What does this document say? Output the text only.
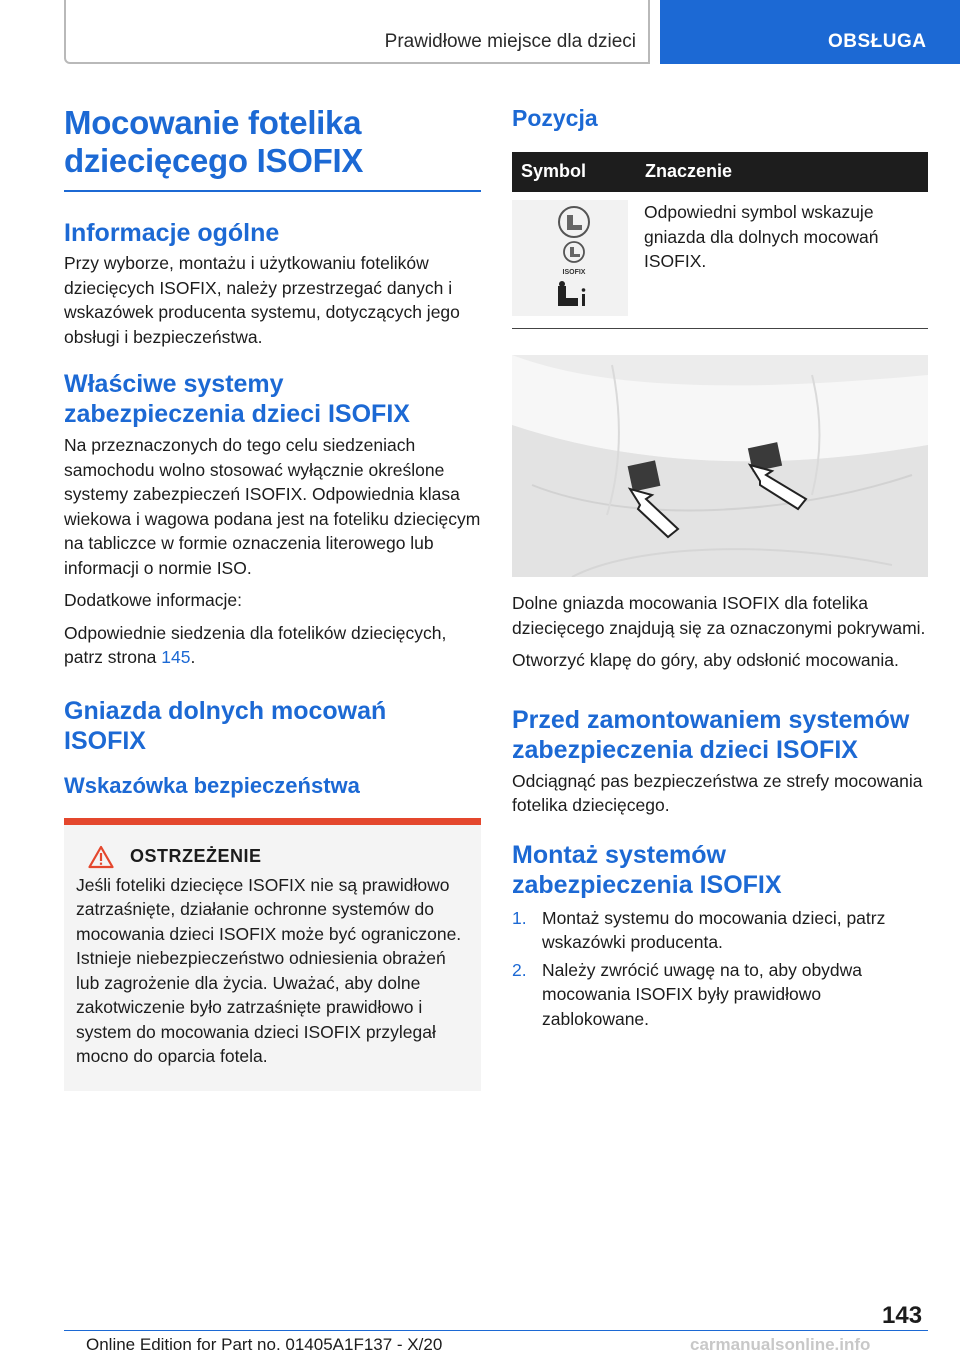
Prawidłowe miejsce dla dzieci	OBSŁUGA
Mocowanie fotelika dziecięcego ISOFIX
Informacje ogólne

Przy wyborze, montażu i użytkowaniu fotelików dziecięcych ISOFIX, należy przestrzegać danych i wskazówek producenta systemu, dotyczących jego obsługi i bezpieczeństwa.

Właściwe systemy zabezpieczenia dzieci ISOFIX

Na przeznaczonych do tego celu siedzeniach samochodu wolno stosować wyłącznie określone systemy zabezpieczeń ISOFIX. Odpowiednia klasa wiekowa i wagowa podana jest na foteliku dziecięcym na tabliczce w formie oznaczenia literowego lub informacji o normie ISO.

Dodatkowe informacje:

Odpowiednie siedzenia dla fotelików dziecięcych, patrz strona 145.

Gniazda dolnych mocowań ISOFIX
Wskazówka bezpieczeństwa
OSTRZEŻENIE

Jeśli foteliki dziecięce ISOFIX nie są prawidłowo zatrzaśnięte, działanie ochronne systemów do mocowania dzieci ISOFIX może być ograniczone. Istnieje niebezpieczeństwo odniesienia obrażeń lub zagrożenie dla życia. Uważać, aby dolne zakotwiczenie było zatrzaśnięte prawidłowo i system do mocowania dzieci ISOFIX przylegał mocno do oparcia fotela.

Pozycja
Symbol	Znaczenie
ISOFIX
Odpowiedni symbol wskazuje gniazda dla dolnych mocowań ISOFIX.

Dolne gniazda mocowania ISOFIX dla fotelika dziecięcego znajdują się za oznaczonymi pokrywami.

Otworzyć klapę do góry, aby odsłonić mocowania.

Przed zamontowaniem systemów zabezpieczenia dzieci ISOFIX

Odciągnąć pas bezpieczeństwa ze strefy mocowania fotelika dziecięcego.

Montaż systemów zabezpieczenia ISOFIX
1. Montaż systemu do mocowania dzieci, patrz wskazówki producenta.
2. Należy zwrócić uwagę na to, aby obydwa mocowania ISOFIX były prawidłowo zablokowane.
143
Online Edition for Part no. 01405A1F137 - X/20	carmanualsonline.info
